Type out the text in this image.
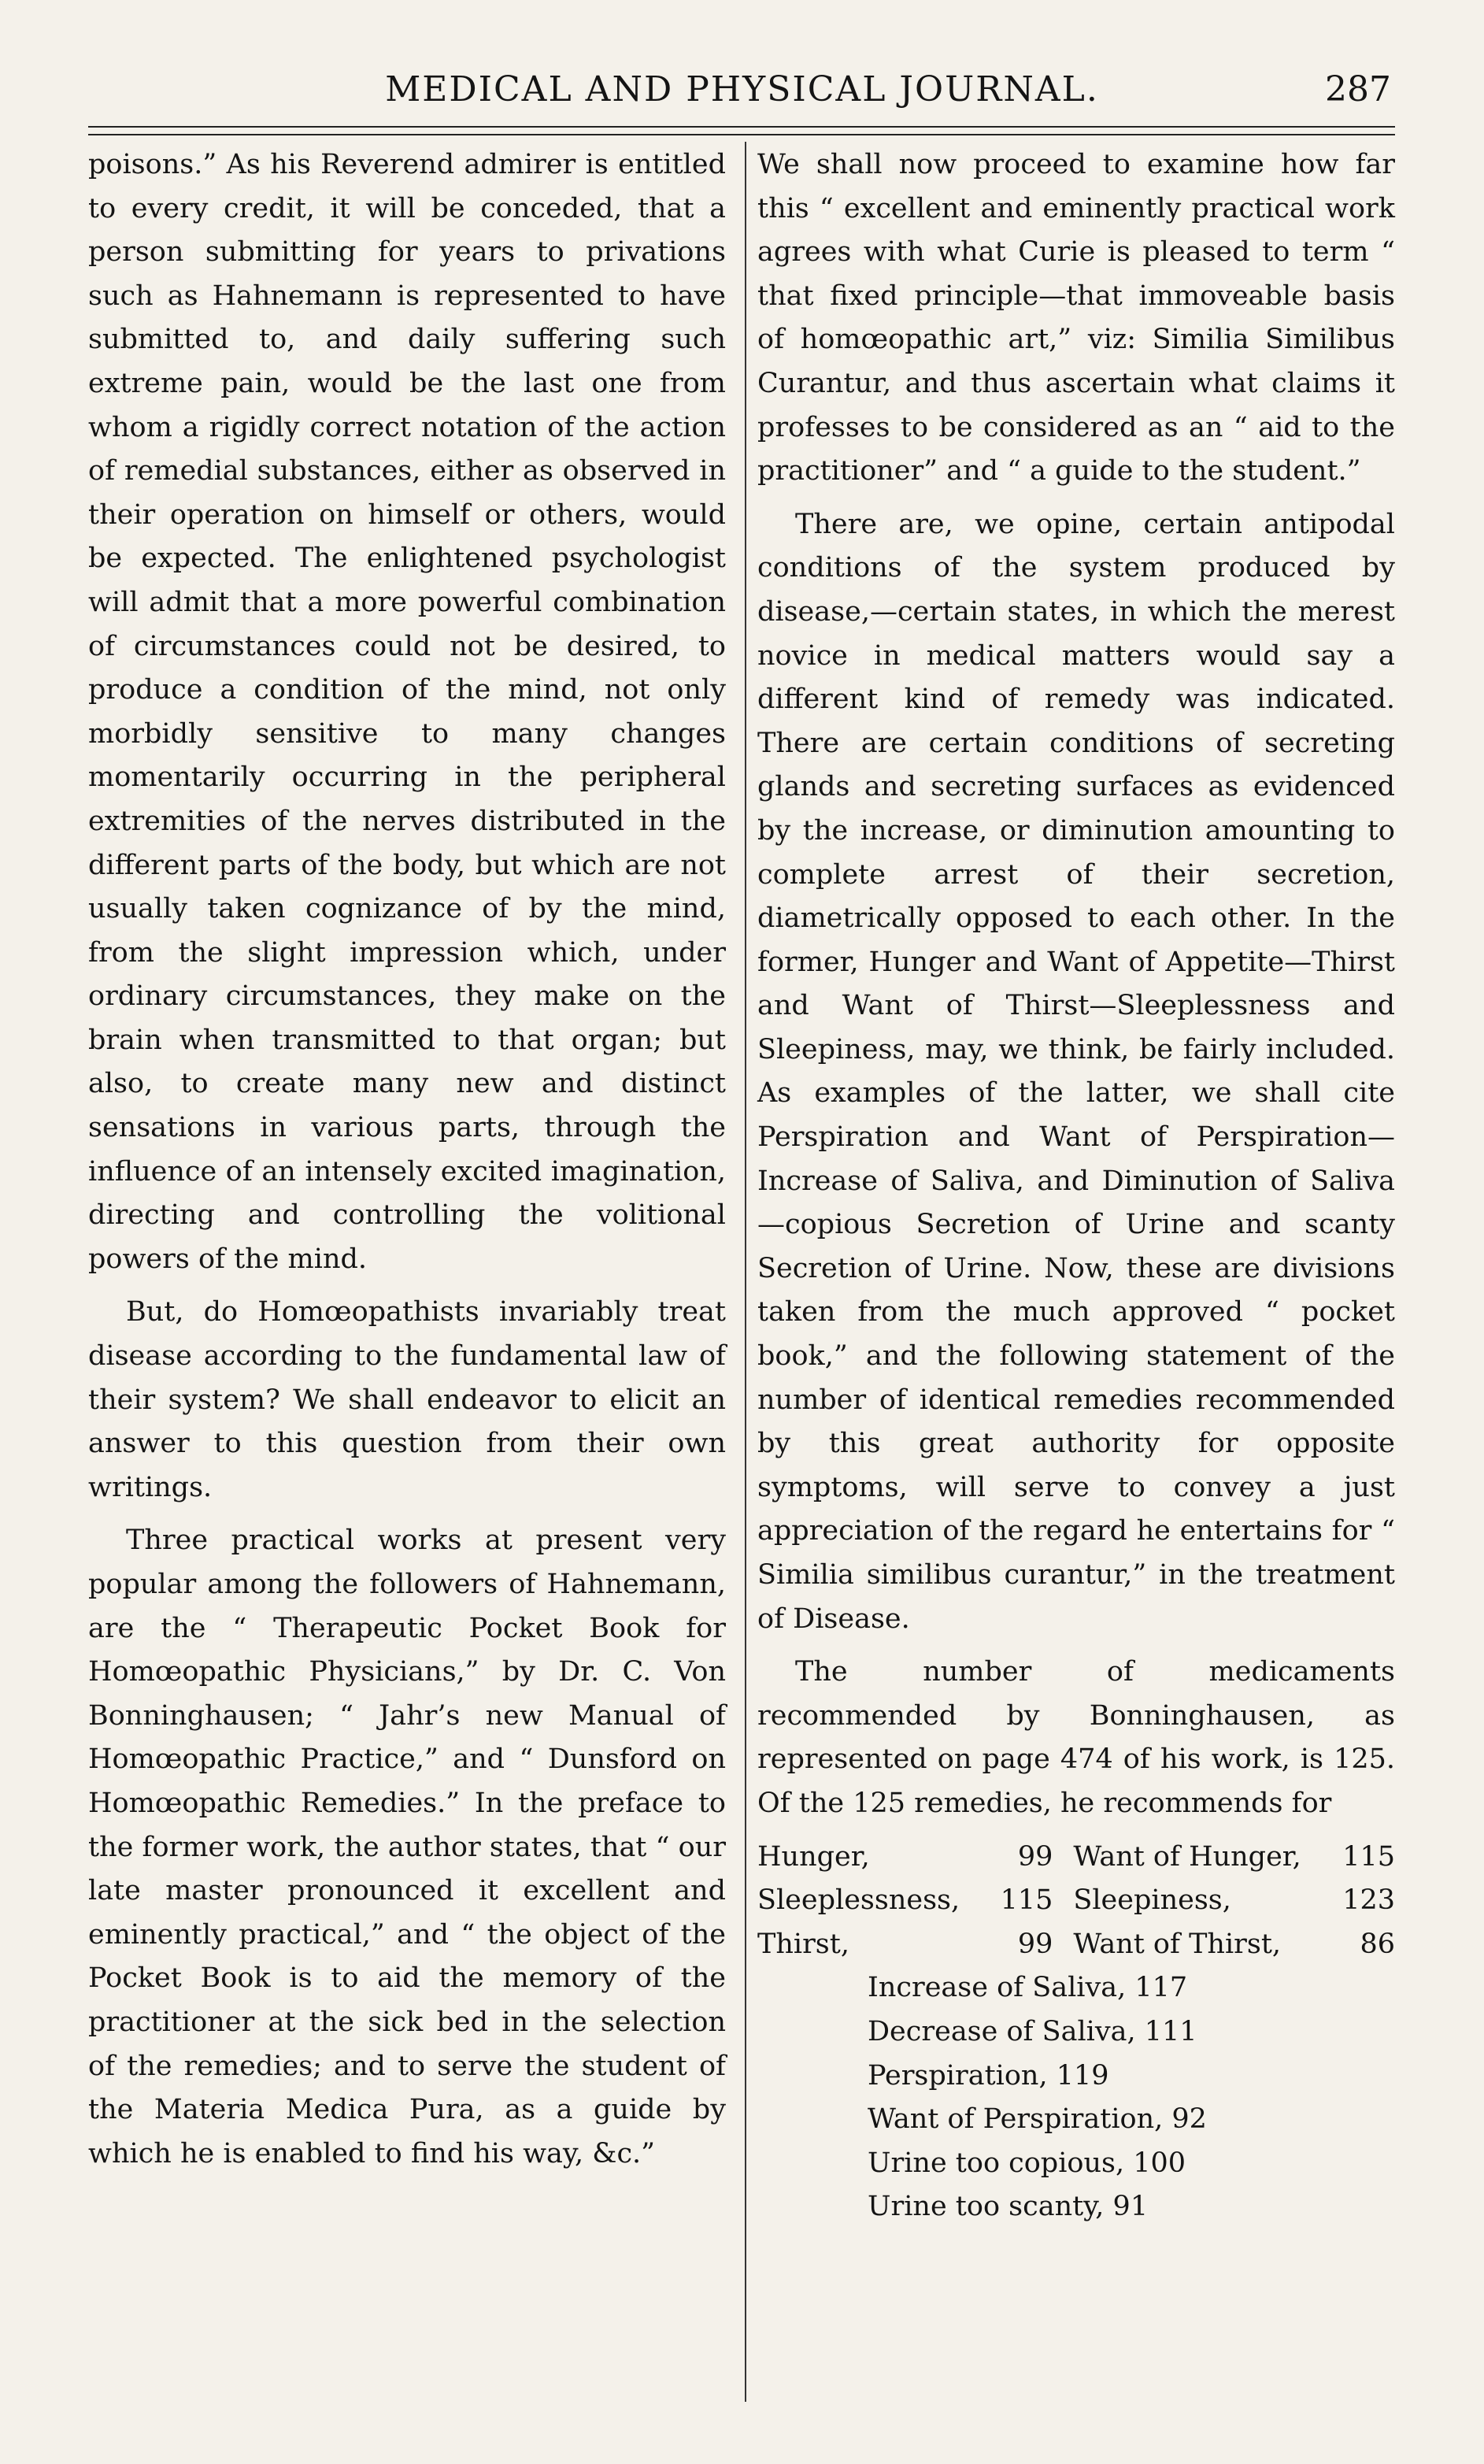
MEDICAL AND PHYSICAL JOURNAL.	287

poisons.” As his Reverend admirer is entitled to every credit, it will be conceded, that a person submitting for years to privations such as Hahnemann is represented to have submitted to, and daily suffering such extreme pain, would be the last one from whom a rigidly correct notation of the action of remedial substances, either as observed in their operation on himself or others, would be expected. The enlightened psychologist will admit that a more powerful combination of circumstances could not be desired, to produce a condition of the mind, not only morbidly sensitive to many changes momentarily occurring in the peripheral extremities of the nerves distributed in the different parts of the body, but which are not usually taken cognizance of by the mind, from the slight impression which, under ordinary circumstances, they make on the brain when transmitted to that organ; but also, to create many new and distinct sensations in various parts, through the influence of an intensely excited imagination, directing and controlling the volitional powers of the mind.

But, do Homœopathists invariably treat disease according to the fundamental law of their system? We shall endeavor to elicit an answer to this question from their own writings.

Three practical works at present very popular among the followers of Hahnemann, are the “ Therapeutic Pocket Book for Homœopathic Physicians,” by Dr. C. Von Bonninghausen; “ Jahr’s new Manual of Homœopathic Practice,” and “ Dunsford on Homœopathic Remedies.” In the preface to the former work, the author states, that “ our late master pronounced it excellent and eminently practical,” and “ the object of the Pocket Book is to aid the memory of the practitioner at the sick bed in the selection of the remedies; and to serve the student of the Materia Medica Pura, as a guide by which he is enabled to find his way, &c.”

We shall now proceed to examine how far this “ excellent and eminently practical work agrees with what Curie is pleased to term “ that fixed principle—that immoveable basis of homœopathic art,” viz: Similia Similibus Curantur, and thus ascertain what claims it professes to be considered as an “ aid to the practitioner” and “ a guide to the student.”

There are, we opine, certain antipodal conditions of the system produced by disease,—certain states, in which the merest novice in medical matters would say a different kind of remedy was indicated. There are certain conditions of secreting glands and secreting surfaces as evidenced by the increase, or diminution amounting to complete arrest of their secretion, diametrically opposed to each other. In the former, Hunger and Want of Appetite—Thirst and Want of Thirst—Sleeplessness and Sleepiness, may, we think, be fairly included. As examples of the latter, we shall cite Perspiration and Want of Perspiration—Increase of Saliva, and Diminution of Saliva—copious Secretion of Urine and scanty Secretion of Urine. Now, these are divisions taken from the much approved “ pocket book,” and the following statement of the number of identical remedies recommended by this great authority for opposite symptoms, will serve to convey a just appreciation of the regard he entertains for “ Similia similibus curantur,” in the treatment of Disease.

The number of medicaments recommended by Bonninghausen, as represented on page 474 of his work, is 125. Of the 125 remedies, he recommends for

Hunger,	99	Want of Hunger,	115
Sleeplessness,	115	Sleepiness,	123
Thirst,	99	Want of Thirst,	86
Increase of Saliva, 117
Decrease of Saliva, 111
Perspiration, 119
Want of Perspiration, 92
Urine too copious, 100
Urine too scanty, 91
